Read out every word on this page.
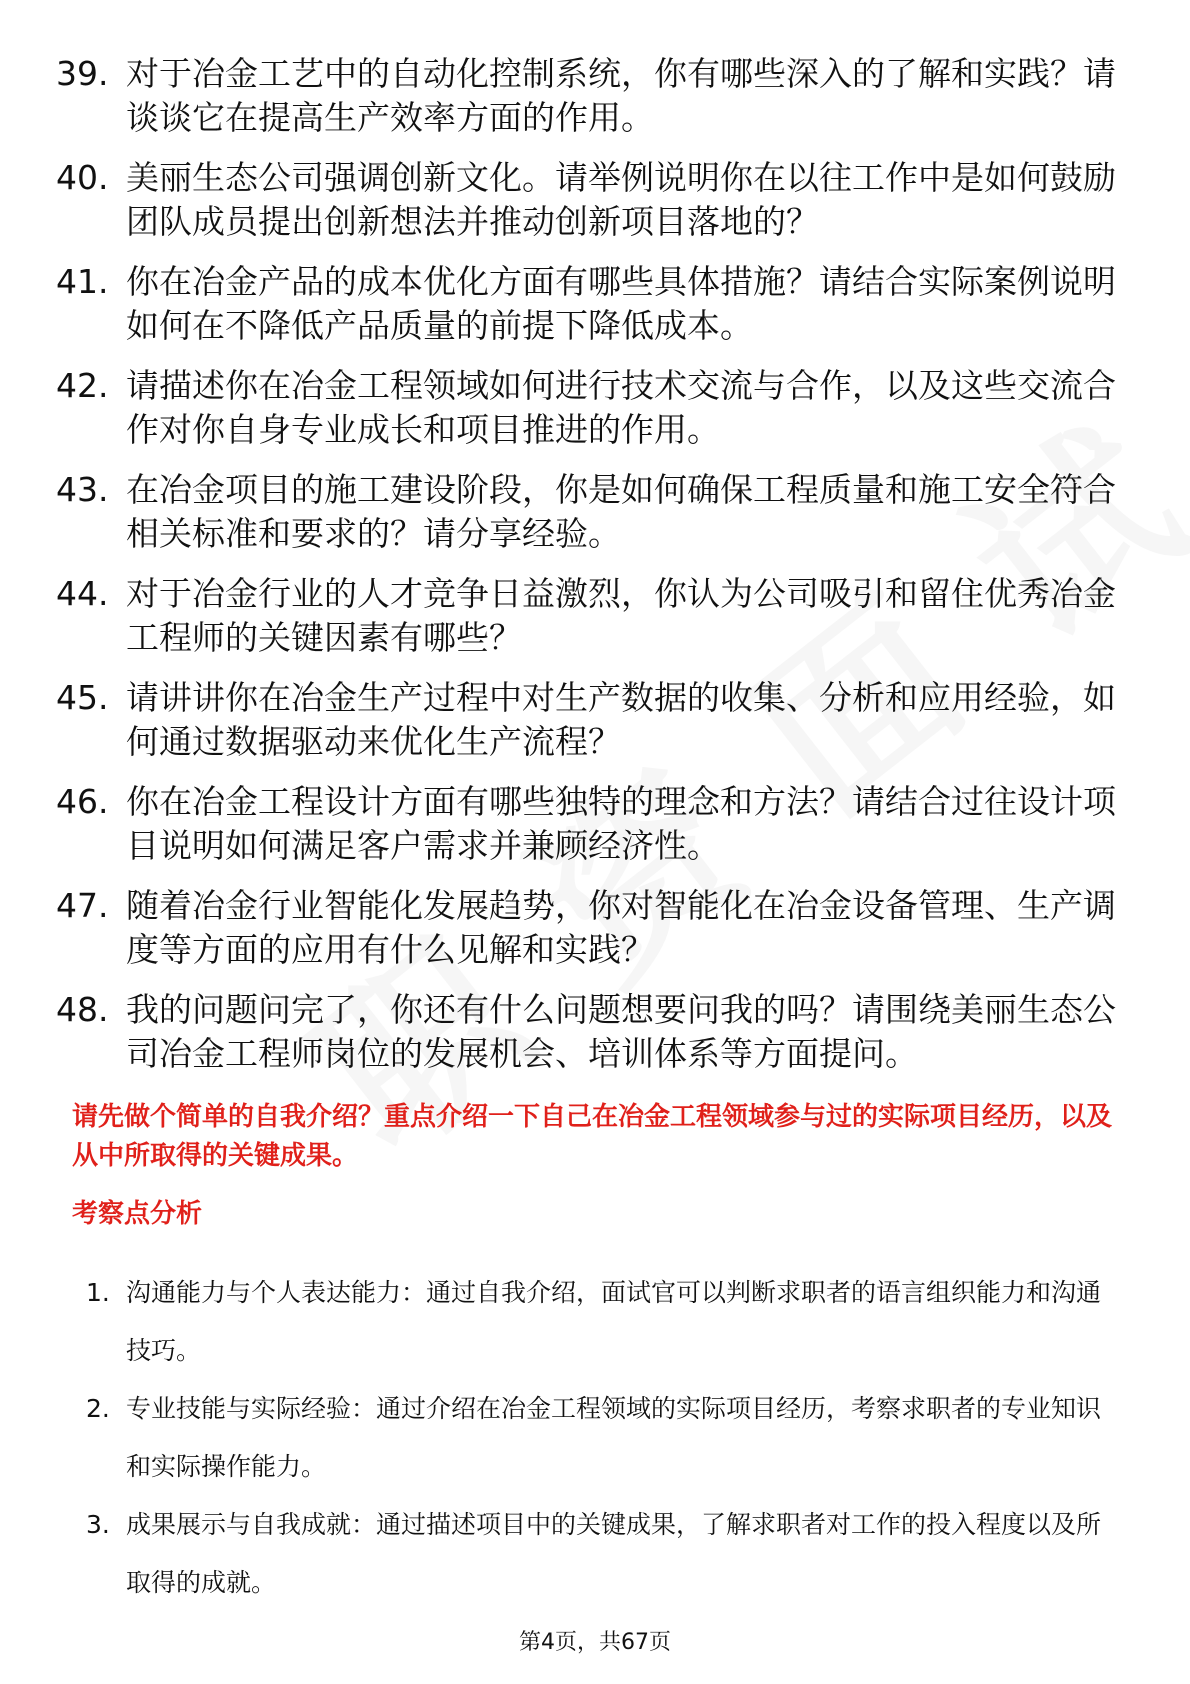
39. 对于冶金工艺中的自动化控制系统，你有哪些深入的了解和实践？请谈谈它在提高生产效率方面的作用。
40. 美丽生态公司强调创新文化。请举例说明你在以往工作中是如何鼓励团队成员提出创新想法并推动创新项目落地的？
41. 你在冶金产品的成本优化方面有哪些具体措施？请结合实际案例说明如何在不降低产品质量的前提下降低成本。
42. 请描述你在冶金工程领域如何进行技术交流与合作，以及这些交流合作对你自身专业成长和项目推进的作用。
43. 在冶金项目的施工建设阶段，你是如何确保工程质量和施工安全符合相关标准和要求的？请分享经验。
44. 对于冶金行业的人才竞争日益激烈，你认为公司吸引和留住优秀冶金工程师的关键因素有哪些？
45. 请讲讲你在冶金生产过程中对生产数据的收集、分析和应用经验，如何通过数据驱动来优化生产流程？
46. 你在冶金工程设计方面有哪些独特的理念和方法？请结合过往设计项目说明如何满足客户需求并兼顾经济性。
47. 随着冶金行业智能化发展趋势，你对智能化在冶金设备管理、生产调度等方面的应用有什么见解和实践？
48. 我的问题问完了，你还有什么问题想要问我的吗？请围绕美丽生态公司冶金工程师岗位的发展机会、培训体系等方面提问。

请先做个简单的自我介绍？重点介绍一下自己在冶金工程领域参与过的实际项目经历，以及从中所取得的关键成果。

考察点分析
1. 沟通能力与个人表达能力：通过自我介绍，面试官可以判断求职者的语言组织能力和沟通技巧。
2. 专业技能与实际经验：通过介绍在冶金工程领域的实际项目经历，考察求职者的专业知识和实际操作能力。
3. 成果展示与自我成就：通过描述项目中的关键成果，了解求职者对工作的投入程度以及所取得的成就。
第4页，共67页
